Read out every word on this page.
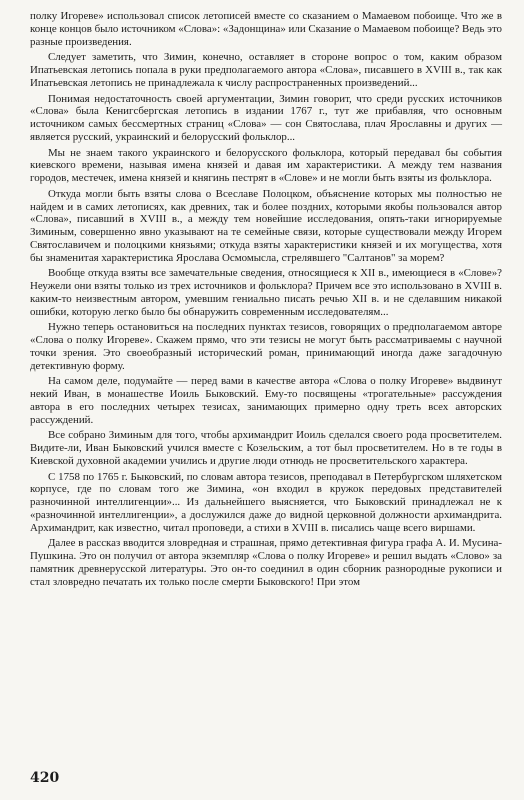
полку Игореве» использовал список летописей вместе со сказанием о Мамаевом побоище. Что же в конце концов было источником «Слова»: «Задонщина» или Сказание о Мамаевом побоище? Ведь это разные произведения.

Следует заметить, что Зимин, конечно, оставляет в стороне вопрос о том, каким образом Ипатьевская летопись попала в руки предполагаемого автора «Слова», писавшего в XVIII в., так как Ипатьевская летопись не принадлежала к числу распространенных произведений...

Понимая недостаточность своей аргументации, Зимин говорит, что среди русских источников «Слова» была Кенигсбергская летопись в издании 1767 г., тут же прибавляя, что основным источником самых бессмертных страниц «Слова» — сон Святослава, плач Ярославны и других — является русский, украинский и белорусский фольклор...

Мы не знаем такого украинского и белорусского фольклора, который передавал бы события киевского времени, называя имена князей и давая им характеристики. А между тем названия городов, местечек, имена князей и княгинь пестрят в «Слове» и не могли быть взяты из фольклора.

Откуда могли быть взяты слова о Всеславе Полоцком, объяснение которых мы полностью не найдем и в самих летописях, как древних, так и более поздних, которыми якобы пользовался автор «Слова», писавший в XVIII в., а между тем новейшие исследования, опять-таки игнорируемые Зиминым, совершенно явно указывают на те семейные связи, которые существовали между Игорем Святославичем и полоцкими князьями; откуда взяты характеристики князей и их могущества, хотя бы знаменитая характеристика Ярослава Осмомысла, стрелявшего "Салтанов" за морем?

Вообще откуда взяты все замечательные сведения, относящиеся к XII в., имеющиеся в «Слове»? Неужели они взяты только из трех источников и фольклора? Причем все это использовано в XVIII в. каким-то неизвестным автором, умевшим гениально писать речью XII в. и не сделавшим никакой ошибки, которую легко было бы обнаружить современным исследователям...

Нужно теперь остановиться на последних пунктах тезисов, говорящих о предполагаемом авторе «Слова о полку Игореве». Скажем прямо, что эти тезисы не могут быть рассматриваемы с научной точки зрения. Это своеобразный исторический роман, принимающий иногда даже загадочную детективную форму.

На самом деле, подумайте — перед вами в качестве автора «Слова о полку Игореве» выдвинут некий Иван, в монашестве Иоиль Быковский. Ему-то посвящены «трогательные» рассуждения автора в его последних четырех тезисах, занимающих примерно одну треть всех авторских рассуждений.

Все собрано Зиминым для того, чтобы архимандрит Иоиль сделался своего рода просветителем. Видите-ли, Иван Быковский учился вместе с Козельским, а тот был просветителем. Но в те годы в Киевской духовной академии учились и другие люди отнюдь не просветительского характера.

С 1758 по 1765 г. Быковский, по словам автора тезисов, преподавал в Петербургском шляхетском корпусе, где по словам того же Зимина, «он входил в кружок передовых представителей разночинной интеллигенции»... Из дальнейшего выясняется, что Быковский принадлежал не к «разночинной интеллигенции», а дослужился даже до видной церковной должности архимандрита. Архимандрит, как известно, читал проповеди, а стихи в XVIII в. писались чаще всего виршами.

Далее в рассказ вводится зловредная и страшная, прямо детективная фигура графа А. И. Мусина-Пушкина. Это он получил от автора экземпляр «Слова о полку Игореве» и решил выдать «Слово» за памятник древнерусской литературы. Это он-то соединил в один сборник разнородные рукописи и стал зловредно печатать их только после смерти Быковского! При этом

420
